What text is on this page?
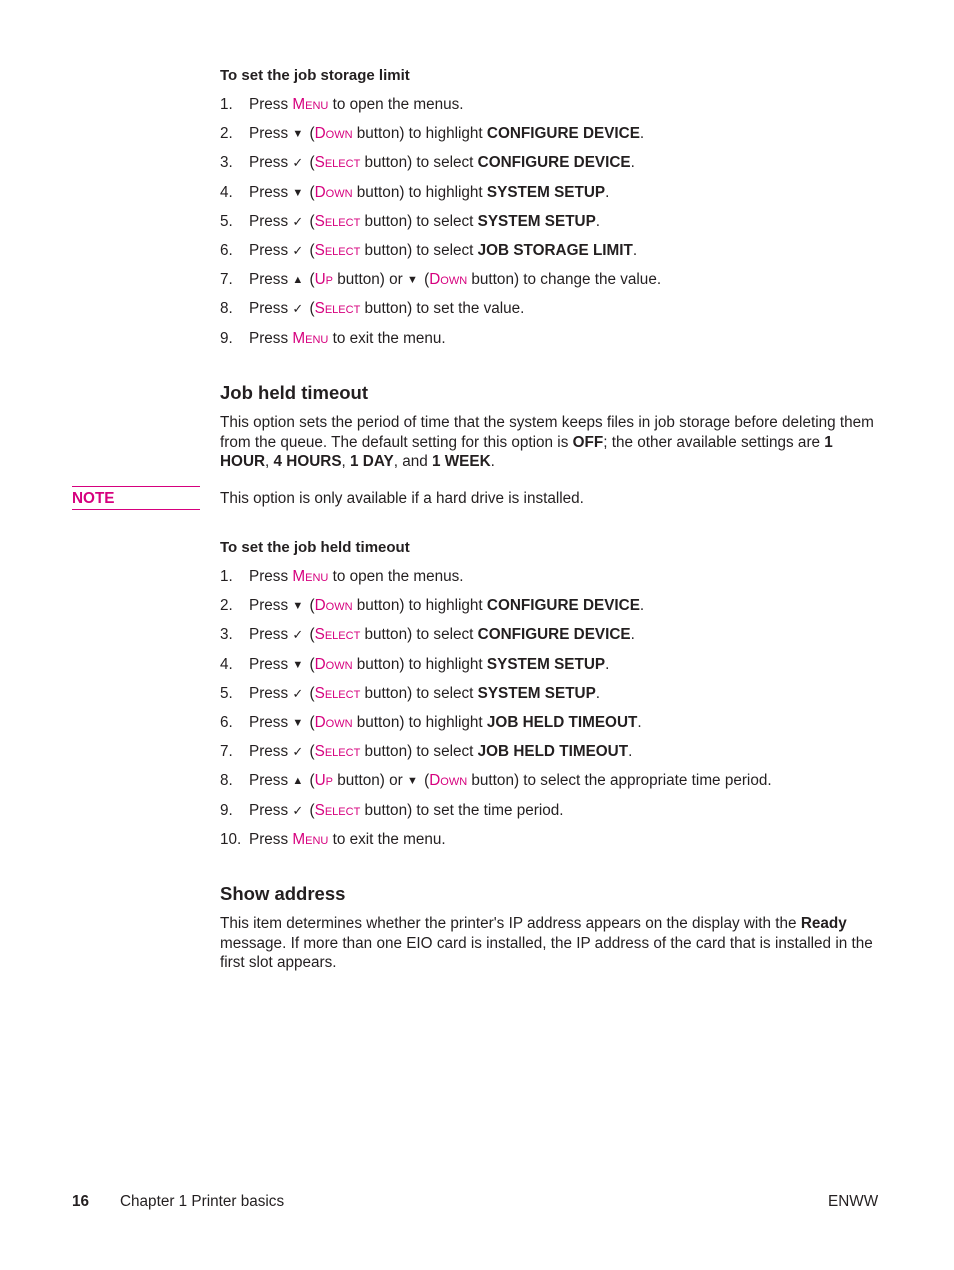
To set the job storage limit
1.	Press Menu to open the menus.
2.	Press ▼ (Down button) to highlight CONFIGURE DEVICE.
3.	Press ✓ (Select button) to select CONFIGURE DEVICE.
4.	Press ▼ (Down button) to highlight SYSTEM SETUP.
5.	Press ✓ (Select button) to select SYSTEM SETUP.
6.	Press ✓ (Select button) to select JOB STORAGE LIMIT.
7.	Press ▲ (Up button) or ▼ (Down button) to change the value.
8.	Press ✓ (Select button) to set the value.
9.	Press Menu to exit the menu.
Job held timeout

This option sets the period of time that the system keeps files in job storage before deleting them from the queue. The default setting for this option is OFF; the other available settings are 1 HOUR, 4 HOURS, 1 DAY, and 1 WEEK.

NOTE	This option is only available if a hard drive is installed.
To set the job held timeout
1.	Press Menu to open the menus.
2.	Press ▼ (Down button) to highlight CONFIGURE DEVICE.
3.	Press ✓ (Select button) to select CONFIGURE DEVICE.
4.	Press ▼ (Down button) to highlight SYSTEM SETUP.
5.	Press ✓ (Select button) to select SYSTEM SETUP.
6.	Press ▼ (Down button) to highlight JOB HELD TIMEOUT.
7.	Press ✓ (Select button) to select JOB HELD TIMEOUT.
8.	Press ▲ (Up button) or ▼ (Down button) to select the appropriate time period.
9.	Press ✓ (Select button) to set the time period.
10. Press Menu to exit the menu.
Show address

This item determines whether the printer's IP address appears on the display with the Ready message. If more than one EIO card is installed, the IP address of the card that is installed in the first slot appears.

16 Chapter 1 Printer basics	ENWW
